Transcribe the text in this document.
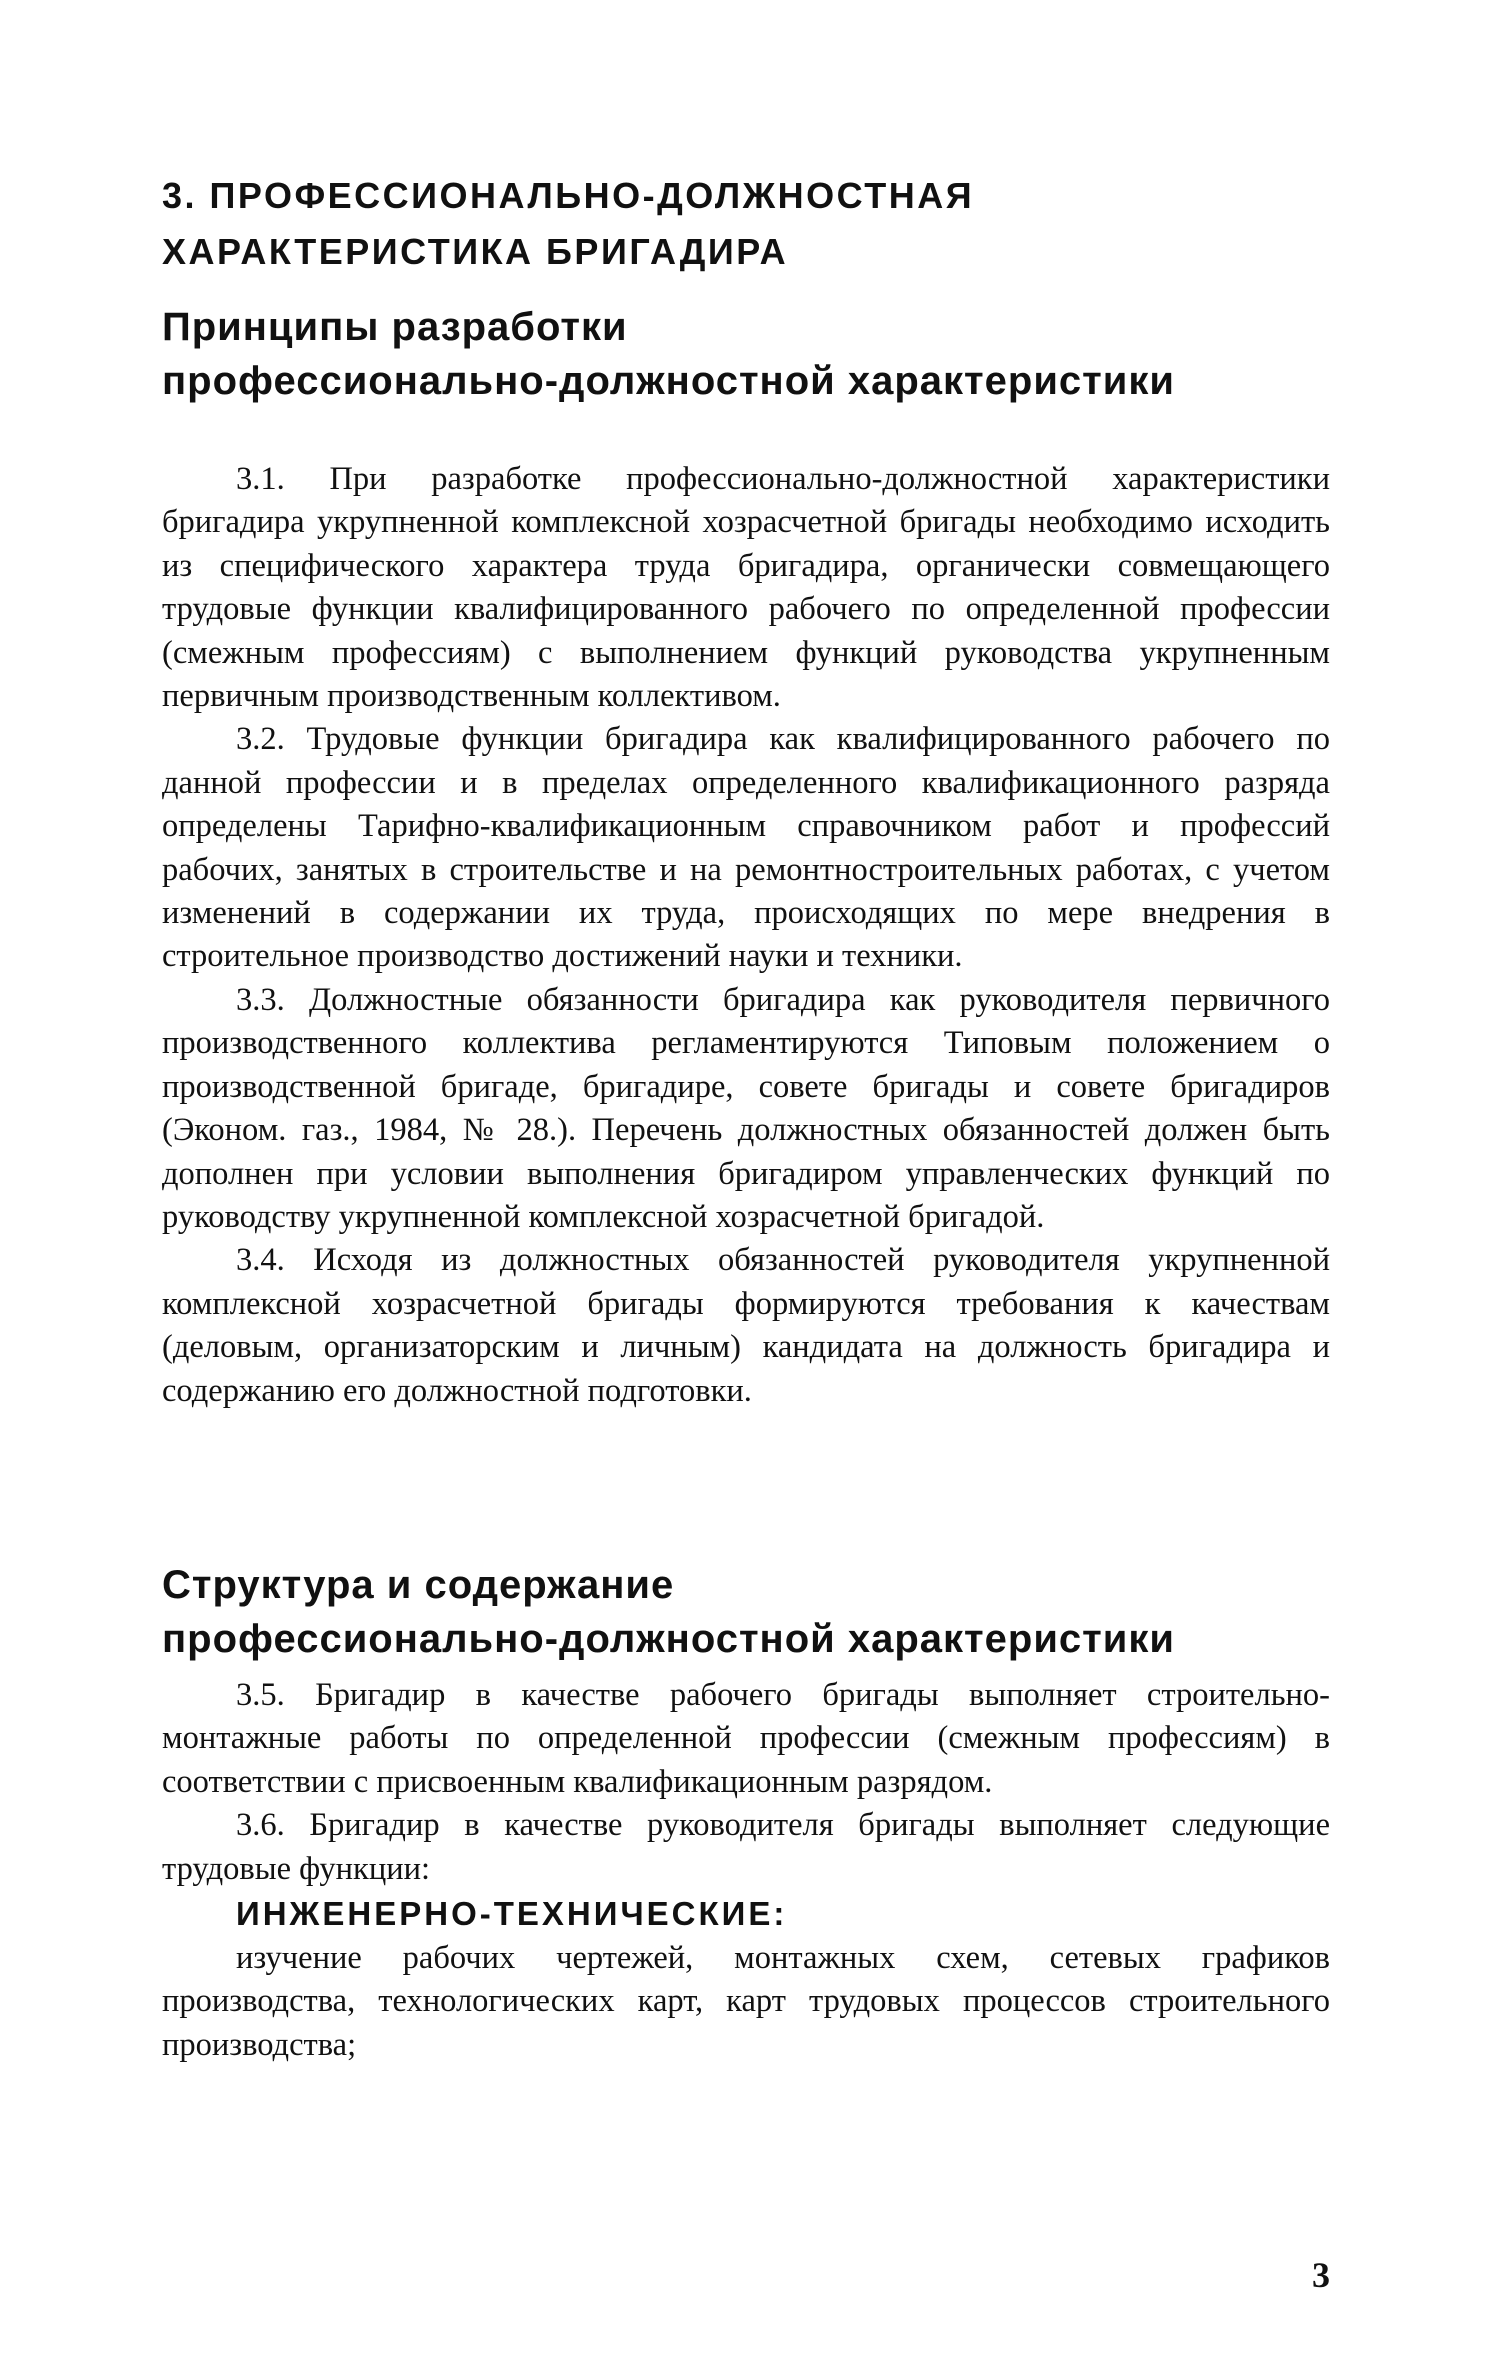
3. ПРОФЕССИОНАЛЬНО-ДОЛЖНОСТНАЯ
ХАРАКТЕРИСТИКА БРИГАДИРА
Принципы разработки
профессионально-должностной характеристики

3.1. При разработке профессионально-должностной характеристики бригадира укрупненной комплексной хозрасчетной бригады необходимо исходить из специфического характера труда бригадира, органически совмещающего трудовые функции квалифицированного рабочего по определенной профессии (смежным профессиям) с выполнением функций руководства укрупненным первичным производственным коллективом.

3.2. Трудовые функции бригадира как квалифицированного рабочего по данной профессии и в пределах определенного квалификационного разряда определены Тарифно-квалификационным справочником работ и профессий рабочих, занятых в строительстве и на ремонтностроительных работах, с учетом изменений в содержании их труда, происходящих по мере внедрения в строительное производство достижений науки и техники.

3.3. Должностные обязанности бригадира как руководителя первичного производственного коллектива регламентируются Типовым положением о производственной бригаде, бригадире, совете бригады и совете бригадиров (Эконом. газ., 1984, № 28.). Перечень должностных обязанностей должен быть дополнен при условии выполнения бригадиром управленческих функций по руководству укрупненной комплексной хозрасчетной бригадой.

3.4. Исходя из должностных обязанностей руководителя укрупненной комплексной хозрасчетной бригады формируются требования к качествам (деловым, организаторским и личным) кандидата на должность бригадира и содержанию его должностной подготовки.

Структура и содержание
профессионально-должностной характеристики

3.5. Бригадир в качестве рабочего бригады выполняет строительно-монтажные работы по определенной профессии (смежным профессиям) в соответствии с присвоенным квалификационным разрядом.

3.6. Бригадир в качестве руководителя бригады выполняет следующие трудовые функции:

ИНЖЕНЕРНО-ТЕХНИЧЕСКИЕ:

изучение рабочих чертежей, монтажных схем, сетевых графиков производства, технологических карт, карт трудовых процессов строительного производства;

3
